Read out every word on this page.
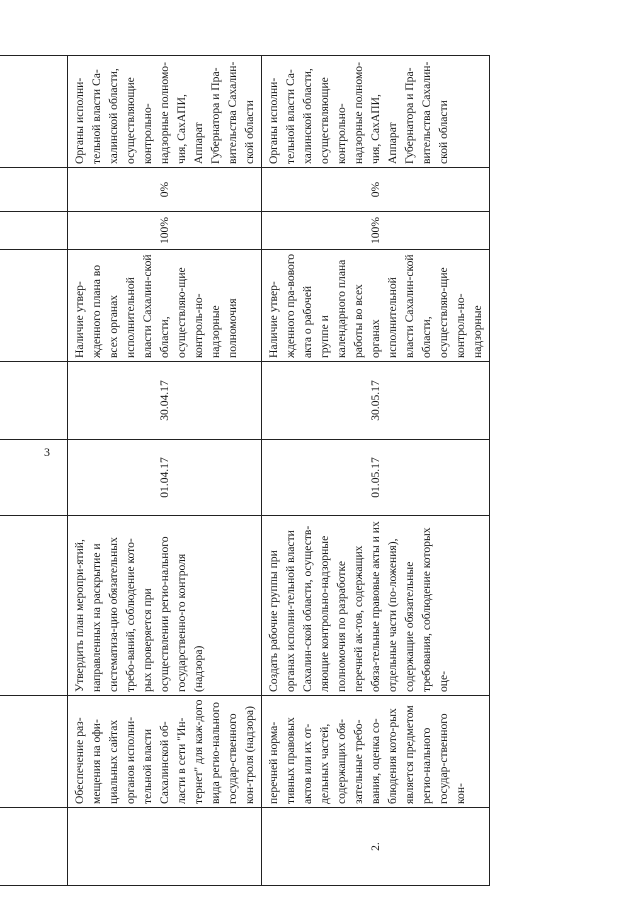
3

	Обеспечение раз-мещения на офи-циальных сайтах органов исполни-тельной власти Сахалинской об-ласти в сети "Ин-тернет" для каж-дого вида регио-нального государ-ственного кон-троля (надзора)	Утвердить план меропри-ятий, направленных на раскрытие и систематиза-цию обязательных требо-ваний, соблюдение кото-рых проверяется при осуществлении регио-нального государственно-го контроля (надзора)	01.04.17	30.04.17	Наличие утвер-жденного плана во всех органах исполнительной власти Сахалин-ской области, осуществляю-щие контроль-но-надзорные полномочия	100%	0%	Органы исполни-тельной власти Са-халинской области, осуществляющие контрольно-надзорные полномо-чия, СахАПИ, Аппарат Губернатора и Пра-вительства Сахалин-ской области
2.	перечней норма-тивных правовых актов или их от-дельных частей, содержащих обя-зательные требо-вания, оценка со-блюдения кото-рых является предметом регио-нального государ-ственного кон-	Создать рабочие группы при органах исполни-тельной власти Сахалин-ской области, осуществ-ляющие контрольно-надзорные полномочия по разработке перечней ак-тов, содержащих обяза-тельные правовые акты и их отдельные части (по-ложения), содержащие обязательные требования, соблюдение которых оце-	01.05.17	30.05.17	Наличие утвер-жденного пра-вового акта о рабочей группе и календарного плана работы во всех органах исполнительной власти Сахалин-ской области, осуществляю-щие контроль-но-надзорные	100%	0%	Органы исполни-тельной власти Са-халинской области, осуществляющие контрольно-надзорные полномо-чия, СахАПИ, Аппарат Губернатора и Пра-вительства Сахалин-ской области
